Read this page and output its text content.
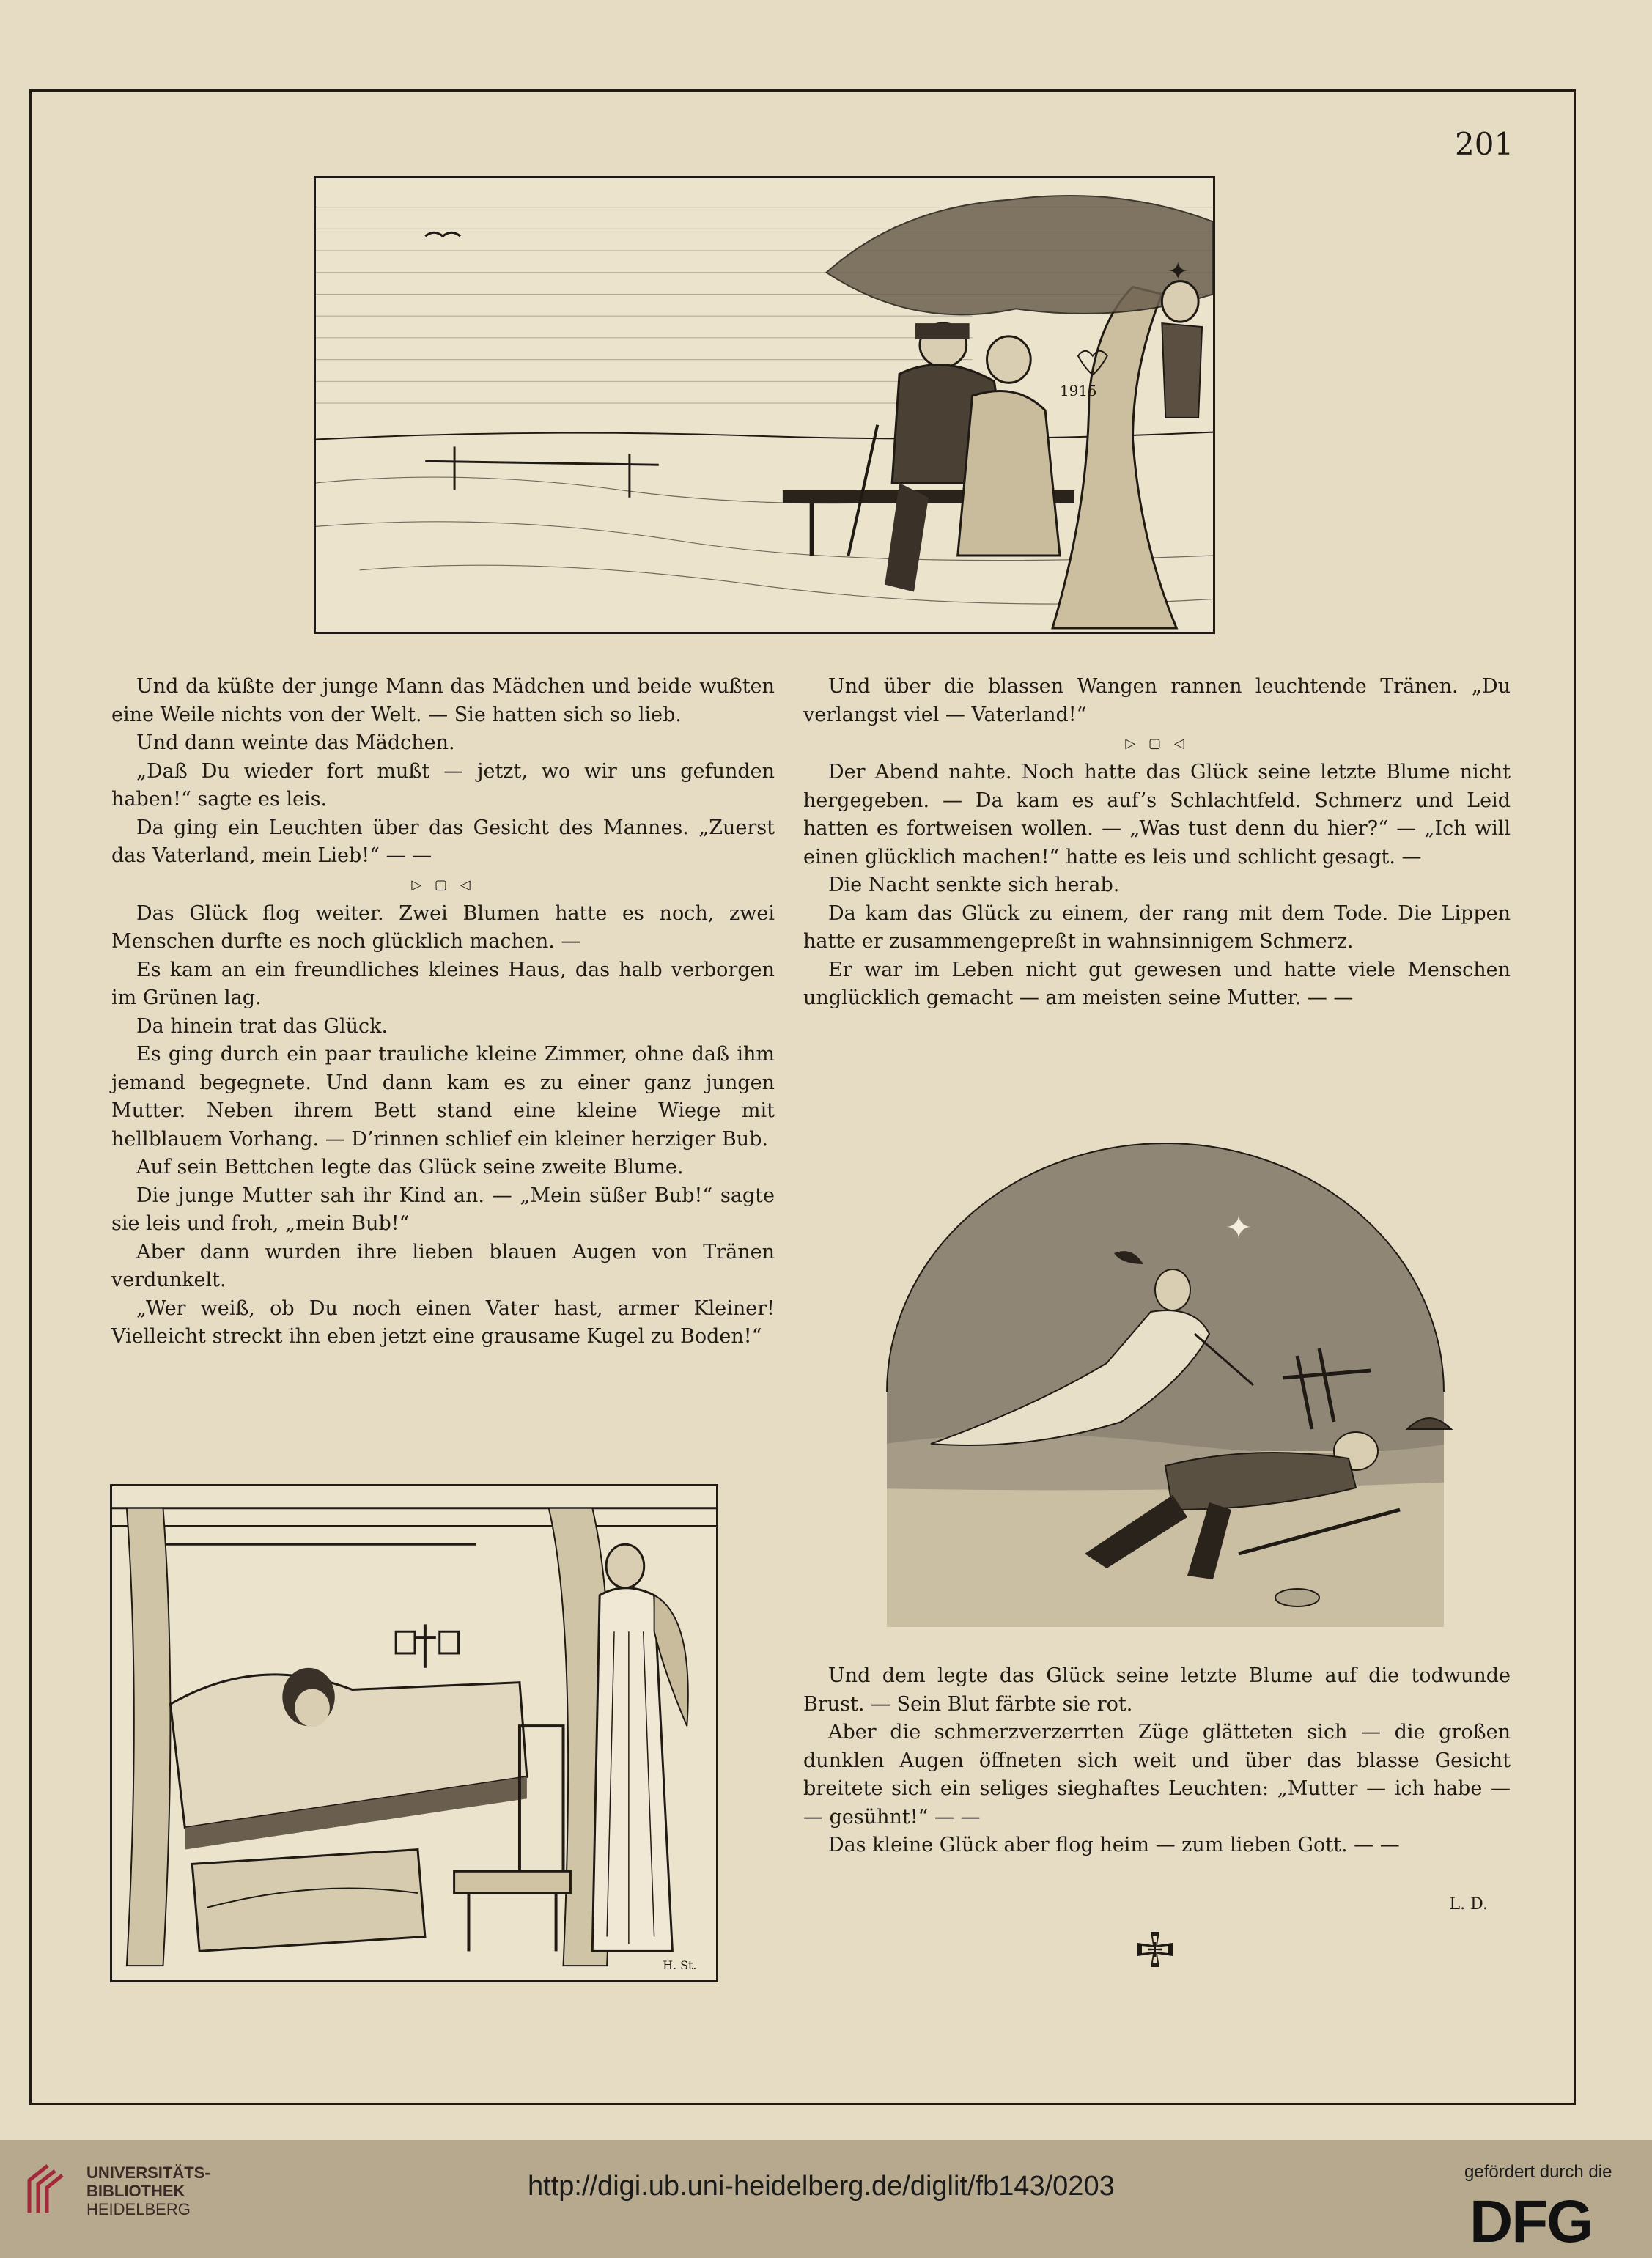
201
1915
✦

Und da küßte der junge Mann das Mädchen und beide wußten eine Weile nichts von der Welt. — Sie hatten sich so lieb.

Und dann weinte das Mädchen.

„Daß Du wieder fort mußt — jetzt, wo wir uns gefunden haben!“ sagte es leis.

Da ging ein Leuchten über das Gesicht des Mannes. „Zuerst das Vaterland, mein Lieb!“ — —

▷ ▢ ◁

Das Glück flog weiter. Zwei Blumen hatte es noch, zwei Menschen durfte es noch glücklich machen. —

Es kam an ein freundliches kleines Haus, das halb verborgen im Grünen lag.

Da hinein trat das Glück.

Es ging durch ein paar trauliche kleine Zimmer, ohne daß ihm jemand begegnete. Und dann kam es zu einer ganz jungen Mutter. Neben ihrem Bett stand eine kleine Wiege mit hellblauem Vorhang. — D’rinnen schlief ein kleiner herziger Bub.

Auf sein Bettchen legte das Glück seine zweite Blume.

Die junge Mutter sah ihr Kind an. — „Mein süßer Bub!“ sagte sie leis und froh, „mein Bub!“

Aber dann wurden ihre lieben blauen Augen von Tränen verdunkelt.

„Wer weiß, ob Du noch einen Vater hast, armer Kleiner! Vielleicht streckt ihn eben jetzt eine grausame Kugel zu Boden!“

Und über die blassen Wangen rannen leuchtende Tränen. „Du verlangst viel — Vaterland!“

▷ ▢ ◁

Der Abend nahte. Noch hatte das Glück seine letzte Blume nicht hergegeben. — Da kam es auf’s Schlachtfeld. Schmerz und Leid hatten es fortweisen wollen. — „Was tust denn du hier?“ — „Ich will einen glücklich machen!“ hatte es leis und schlicht gesagt. —

Die Nacht senkte sich herab.

Da kam das Glück zu einem, der rang mit dem Tode. Die Lippen hatte er zusammengepreßt in wahnsinnigem Schmerz.

Er war im Leben nicht gut gewesen und hatte viele Menschen unglücklich gemacht — am meisten seine Mutter. — —

H. St.
✦

Und dem legte das Glück seine letzte Blume auf die todwunde Brust. — Sein Blut färbte sie rot.

Aber die schmerzverzerrten Züge glätteten sich — die großen dunklen Augen öffneten sich weit und über das blasse Gesicht breitete sich ein seliges sieghaftes Leuchten: „Mutter — ich habe — — gesühnt!“ — —

Das kleine Glück aber flog heim — zum lieben Gott. — —

L. D.
UNIVERSITÄTS-
BIBLIOTHEK
HEIDELBERG
http://digi.ub.uni-heidelberg.de/diglit/fb143/0203	gefördert durch die
DFG
